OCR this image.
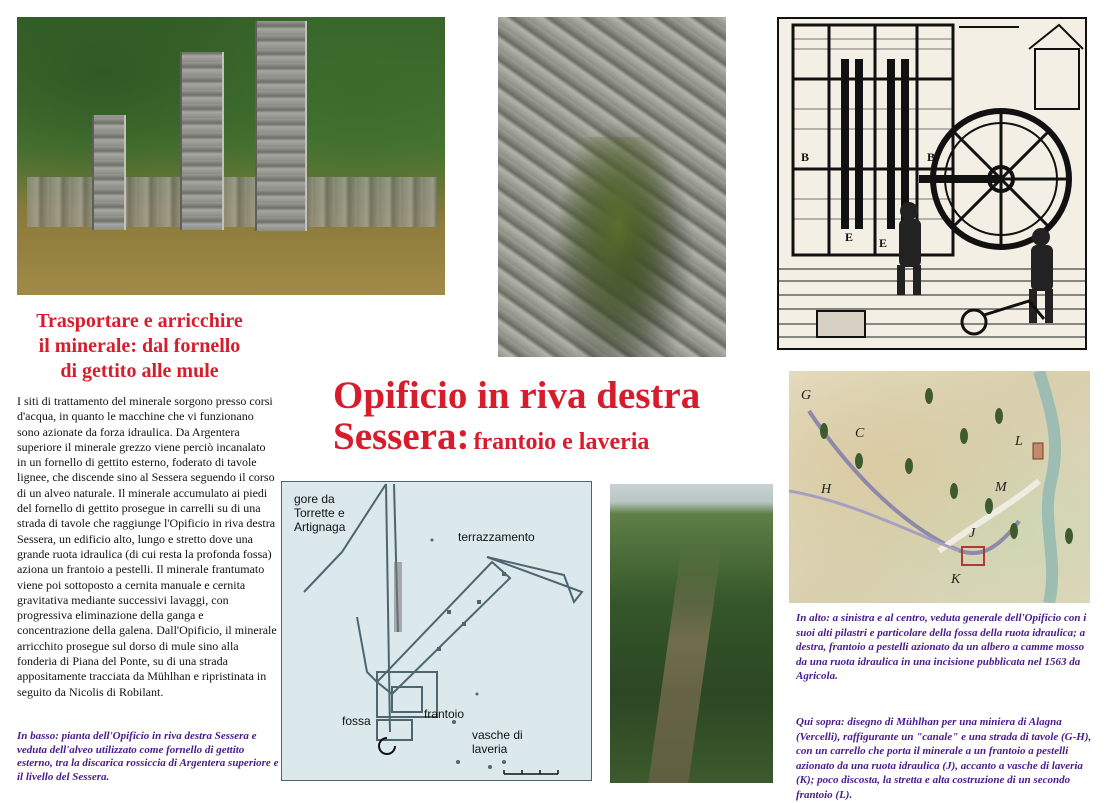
B	B
E E
G
C
L
H	M
J
K
Trasportare e arricchire
il minerale: dal fornello
di gettito alle mule

I siti di trattamento del minerale sorgono presso corsi d'acqua, in quanto le macchine che vi funzionano sono azionate da forza idraulica. Da Argentera superiore il minerale grezzo viene perciò incanalato in un fornello di gettito esterno, foderato di tavole lignee, che discende sino al Sessera seguendo il corso di un alveo naturale. Il minerale accumulato ai piedi del fornello di gettito prosegue in carrelli su di una strada di tavole che raggiunge l'Opificio in riva destra Sessera, un edificio alto, lungo e stretto dove una grande ruota idraulica (di cui resta la profonda fossa) aziona un frantoio a pestelli. Il minerale frantumato viene poi sottoposto a cernita manuale e cernita gravitativa mediante successivi lavaggi, con progressiva eliminazione della ganga e concentrazione della galena. Dall'Opificio, il minerale arricchito prosegue sul dorso di mule sino alla fonderia di Piana del Ponte, su di una strada appositamente tracciata da Mühlhan e ripristinata in seguito da Nicolis di Robilant.

In basso: pianta dell'Opificio in riva destra Sessera e veduta dell'alveo utilizzato come fornello di gettito esterno, tra la discarica rossiccia di Argentera superiore e il livello del Sessera.

Opificio in riva destra
Sessera: frantoio e laveria
gore da
Torrette e
Artignaga
terrazzamento
fossa	frantoio
vasche di
laveria

In alto: a sinistra e al centro, veduta generale dell'Opificio con i suoi alti pilastri e particolare della fossa della ruota idraulica; a destra, frantoio a pestelli azionato da un albero a camme mosso da una ruota idraulica in una incisione pubblicata nel 1563 da Agricola.

Qui sopra: disegno di Mühlhan per una miniera di Alagna (Vercelli), raffigurante un "canale" e una strada di tavole (G-H), con un carrello che porta il minerale a un frantoio a pestelli azionato da una ruota idraulica (J), accanto a vasche di laveria (K); poco discosta, la stretta e alta costruzione di un secondo frantoio (L).
